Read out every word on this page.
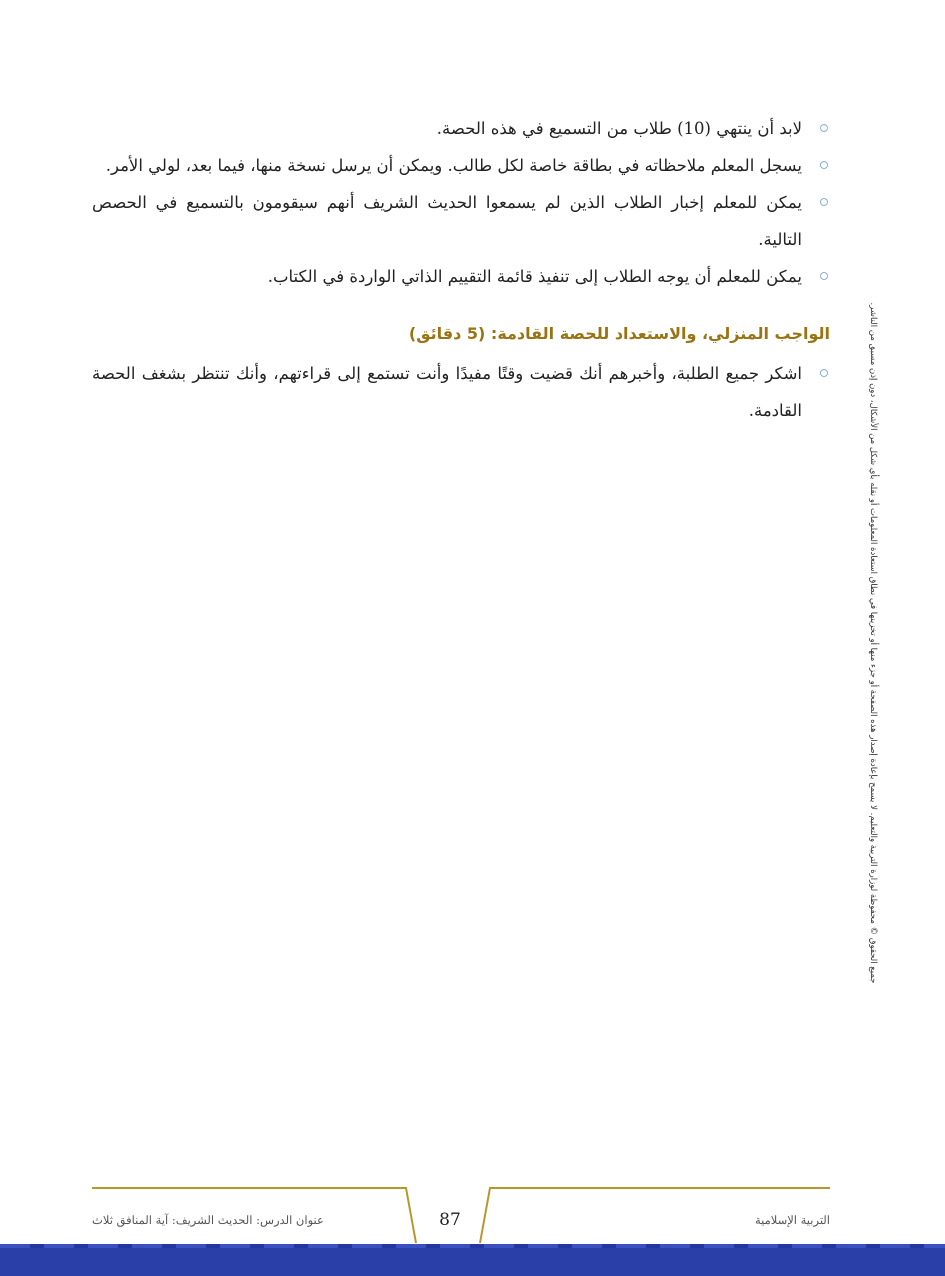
لابد أن ينتهي (10) طلاب من التسميع في هذه الحصة.
يسجل المعلم ملاحظاته في بطاقة خاصة لكل طالب. ويمكن أن يرسل نسخة منها، فيما بعد، لولي الأمر.
يمكن للمعلم إخبار الطلاب الذين لم يسمعوا الحديث الشريف أنهم سيقومون بالتسميع في الحصص التالية.
يمكن للمعلم أن يوجه الطلاب إلى تنفيذ قائمة التقييم الذاتي الواردة في الكتاب.
الواجب المنزلي، والاستعداد للحصة القادمة: (5 دقائق)
اشكر جميع الطلبة، وأخبرهم أنك قضيت وقتًا مفيدًا وأنت تستمع إلى قراءتهم، وأنك تنتظر بشغف الحصة القادمة.	جميع الحقوق © محفوظة لوزارة التربية والتعليم. لا يسمح بإعادة إصدار هذه الصفحة أو جزء منها أو تخزينها في نطاق استعادة المعلومات أو نقله بأي شكل من الأشكال، دون إذن مسبق من الناشر.
عنوان الدرس: الحديث الشريف: آية المنافق ثلاث	87	التربية الإسلامية
